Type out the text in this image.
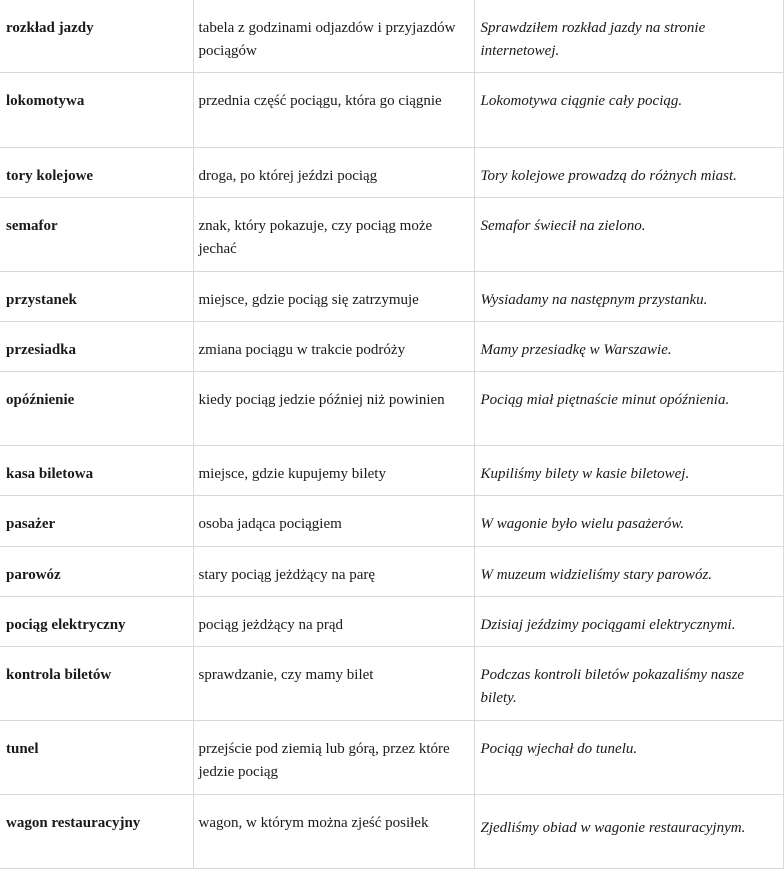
rozkład jazdy	tabela z godzinami odjazdów i przyjazdów pociągów	Sprawdziłem rozkład jazdy na stronie internetowej.
lokomotywa	przednia część pociągu, która go ciągnie	Lokomotywa ciągnie cały pociąg.
tory kolejowe	droga, po której jeździ pociąg	Tory kolejowe prowadzą do różnych miast.
semafor	znak, który pokazuje, czy pociąg może jechać	Semafor świecił na zielono.
przystanek	miejsce, gdzie pociąg się zatrzymuje	Wysiadamy na następnym przystanku.
przesiadka	zmiana pociągu w trakcie podróży	Mamy przesiadkę w Warszawie.
opóźnienie	kiedy pociąg jedzie później niż powinien	Pociąg miał piętnaście minut opóźnienia.
kasa biletowa	miejsce, gdzie kupujemy bilety	Kupiliśmy bilety w kasie biletowej.
pasażer	osoba jadąca pociągiem	W wagonie było wielu pasażerów.
parowóz	stary pociąg jeżdżący na parę	W muzeum widzieliśmy stary parowóz.
pociąg elektryczny	pociąg jeżdżący na prąd	Dzisiaj jeździmy pociągami elektrycznymi.
kontrola biletów	sprawdzanie, czy mamy bilet	Podczas kontroli biletów pokazaliśmy nasze bilety.
tunel	przejście pod ziemią lub górą, przez które jedzie pociąg	Pociąg wjechał do tunelu.
wagon restauracyjny	wagon, w którym można zjeść posiłek	Zjedliśmy obiad w wagonie restauracyjnym.
